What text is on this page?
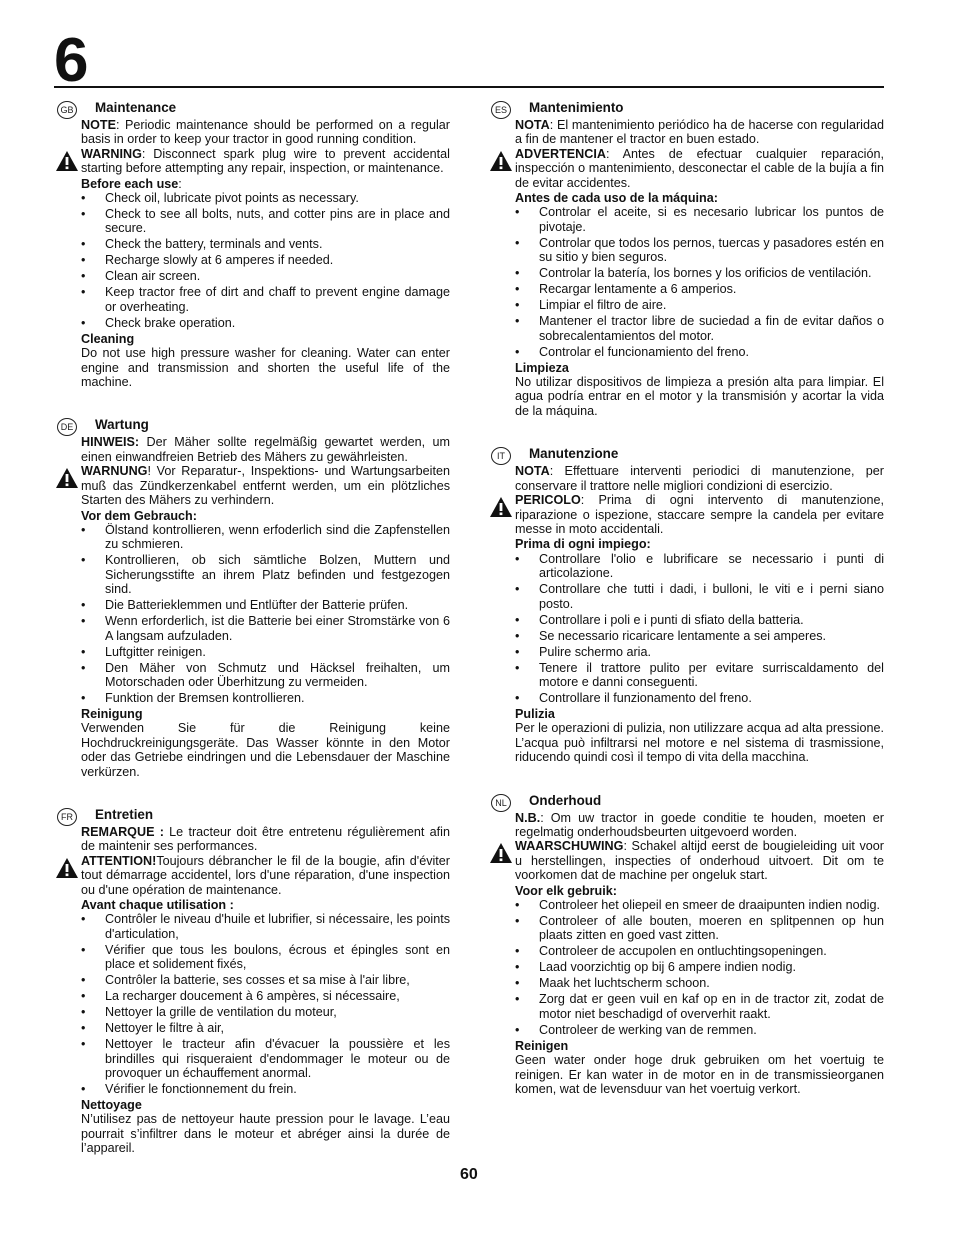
6
GB Maintenance

NOTE: Periodic maintenance should be performed on a regular basis in order to keep your tractor in good running condition.

WARNING: Disconnect spark plug wire to prevent accidental starting before attempting any repair, inspection, or maintenance.

Before each use:
• Check oil, lubricate pivot points as necessary.
• Check to see all bolts, nuts, and cotter pins are in place and secure.
• Check the battery, terminals and vents.
• Recharge slowly at 6 amperes if needed.
• Clean air screen.
• Keep tractor free of dirt and chaff to prevent engine damage or overheating.
• Check brake operation.
Cleaning

Do not use high pressure washer for cleaning. Water can enter engine and transmission and shorten the useful life of the machine.

DE Wartung

HINWEIS: Der Mäher sollte regelmäßig gewartet werden, um einen einwandfreien Betrieb des Mähers zu gewährleisten.

WARNUNG! Vor Reparatur-, Inspektions- und Wartungsarbeiten muß das Zündkerzenkabel entfernt werden, um ein plötzliches Starten des Mähers zu verhindern.

Vor dem Gebrauch:
• Ölstand kontrollieren, wenn erfoderlich sind die Zapfenstellen zu schmieren.
• Kontrollieren, ob sich sämtliche Bolzen, Muttern und Sicherungsstifte an ihrem Platz befinden und festgezogen sind.
• Die Batterieklemmen und Entlüfter der Batterie prüfen.
• Wenn erforderlich, ist die Batterie bei einer Stromstärke von 6 A langsam aufzuladen.
• Luftgitter reinigen.
• Den Mäher von Schmutz und Häcksel freihalten, um Motorschaden oder Überhitzung zu vermeiden.
• Funktion der Bremsen kontrollieren.
Reinigung

Verwenden Sie für die Reinigung keine Hochdruckreinigungsgeräte. Das Wasser könnte in den Motor oder das Getriebe eindringen und die Lebensdauer der Maschine verkürzen.

FR Entretien

REMARQUE : Le tracteur doit être entretenu régulièrement afin de maintenir ses performances.

ATTENTION!Toujours débrancher le fil de la bougie, afin d'éviter tout démarrage accidentel, lors d'une réparation, d'une inspection ou d'une opération de maintenance.

Avant chaque utilisation :
• Contrôler le niveau d'huile et lubrifier, si nécessaire, les points d'articulation,
• Vérifier que tous les boulons, écrous et épingles sont en place et solidement fixés,
• Contrôler la batterie, ses cosses et sa mise à l'air libre,
• La recharger doucement à 6 ampères, si nécessaire,
• Nettoyer la grille de ventilation du moteur,
• Nettoyer le filtre à air,
• Nettoyer le tracteur afin d'évacuer la poussière et les brindilles qui risqueraient d'endommager le moteur ou de provoquer un échauffement anormal.
• Vérifier le fonctionnement du frein.
Nettoyage

N’utilisez pas de nettoyeur haute pression pour le lavage. L’eau pourrait s’infiltrer dans le moteur et abréger ainsi la durée de l’appareil.

ES Mantenimiento

NOTA: El mantenimiento periódico ha de hacerse con regularidad a fin de mantener el tractor en buen estado.

ADVERTENCIA: Antes de efectuar cualquier reparación, inspección o mantenimiento, desconectar el cable de la bujía a fin de evitar accidentes.

Antes de cada uso de la máquina:
• Controlar el aceite, si es necesario lubricar los puntos de pivotaje.
• Controlar que todos los pernos, tuercas y pasadores estén en su sitio y bien seguros.
• Controlar la batería, los bornes y los orificios de ventilación.
• Recargar lentamente a 6 amperios.
• Limpiar el filtro de aire.
• Mantener el tractor libre de suciedad a fin de evitar daños o sobrecalentamientos del motor.
• Controlar el funcionamiento del freno.
Limpieza

No utilizar dispositivos de limpieza a presión alta para limpiar. El agua podría entrar en el motor y la transmisión y acortar la vida de la máquina.

IT	Manutenzione

NOTA: Effettuare interventi periodici di manutenzione, per conservare il trattore nelle migliori condizioni di esercizio.

PERICOLO: Prima di ogni intervento di manutenzione, riparazione o ispezione, staccare sempre la candela per evitare messe in moto accidentali.

Prima di ogni impiego:
• Controllare l'olio e lubrificare se necessario i punti di articolazione.
• Controllare che tutti i dadi, i bulloni, le viti e i perni siano posto.
• Controllare i poli e i punti di sfiato della batteria.
• Se necessario ricaricare lentamente a sei amperes.
• Pulire schermo aria.
• Tenere il trattore pulito per evitare surriscaldamento del motore e danni conseguenti.
• Controllare il funzionamento del freno.
Pulizia

Per le operazioni di pulizia, non utilizzare acqua ad alta pressione. L’acqua può infiltrarsi nel motore e nel sistema di trasmissione, riducendo quindi così il tempo di vita della macchina.

NL	Onderhoud

N.B.: Om uw tractor in goede conditie te houden, moeten er regelmatig onderhoudsbeurten uitgevoerd worden.

WAARSCHUWING: Schakel altijd eerst de bougieleiding uit voor u herstellingen, inspecties of onderhoud uitvoert. Dit om te voorkomen dat de machine per ongeluk start.

Voor elk gebruik:
• Controleer het oliepeil en smeer de draaipunten indien nodig.
• Controleer of alle bouten, moeren en splitpennen op hun plaats zitten en goed vast zitten.
• Controleer de accupolen en ontluchtingsopeningen.
• Laad voorzichtig op bij 6 ampere indien nodig.
• Maak het luchtscherm schoon.
• Zorg dat er geen vuil en kaf op en in de tractor zit, zodat de motor niet beschadigd of oververhit raakt.
• Controleer de werking van de remmen.
Reinigen

Geen water onder hoge druk gebruiken om het voertuig te reinigen. Er kan water in de motor en in de transmissieorganen komen, wat de levensduur van het voertuig verkort.

60
